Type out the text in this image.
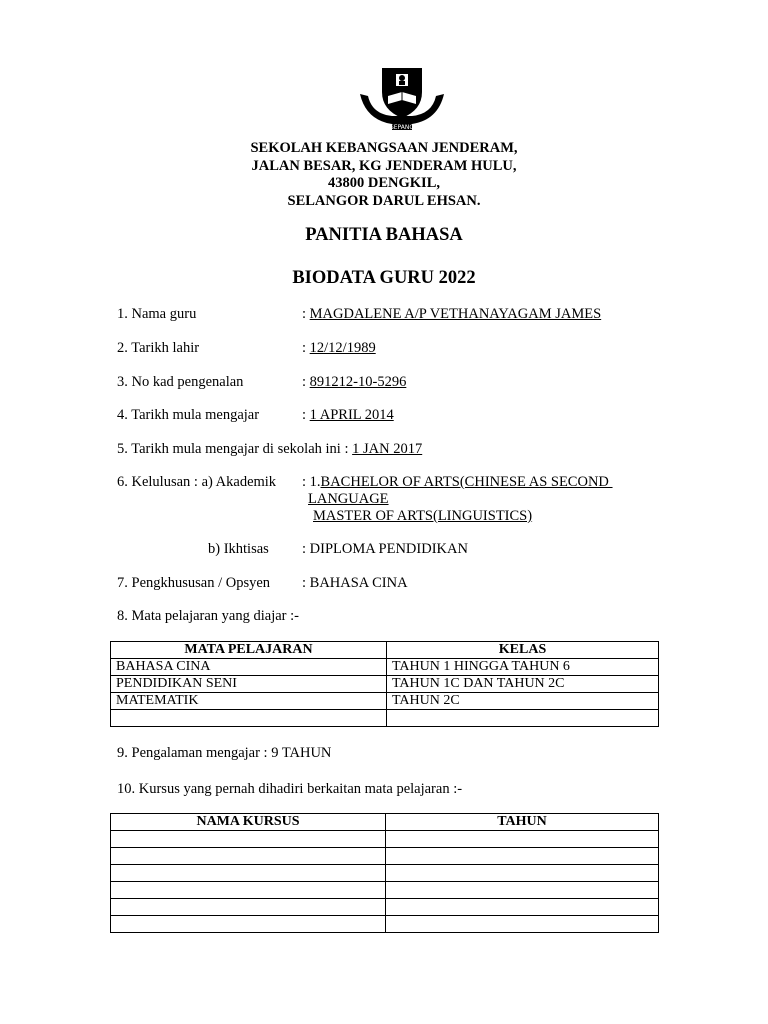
SEPANG
SEKOLAH KEBANGSAAN JENDERAM,
JALAN BESAR, KG JENDERAM HULU,
43800 DENGKIL,
SELANGOR DARUL EHSAN.
PANITIA BAHASA
BIODATA GURU 2022
1. Nama guru	: MAGDALENE A/P VETHANAYAGAM JAMES
2. Tarikh lahir	: 12/12/1989
3. No kad pengenalan	: 891212-10-5296
4. Tarikh mula mengajar	: 1 APRIL 2014
5. Tarikh mula mengajar di sekolah ini : 1 JAN 2017
6. Kelulusan : a) Akademik : 1.BACHELOR OF ARTS(CHINESE AS SECOND
LANGUAGE
MASTER OF ARTS(LINGUISTICS)
b) Ikhtisas : DIPLOMA PENDIDIKAN
7. Pengkhususan / Opsyen : BAHASA CINA
8. Mata pelajaran yang diajar :-
MATA PELAJARAN	KELAS
BAHASA CINA	TAHUN 1 HINGGA TAHUN 6
PENDIDIKAN SENI	TAHUN 1C DAN TAHUN 2C
MATEMATIK	TAHUN 2C

9. Pengalaman mengajar : 9 TAHUN
10. Kursus yang pernah dihadiri berkaitan mata pelajaran :-
NAMA KURSUS	TAHUN
